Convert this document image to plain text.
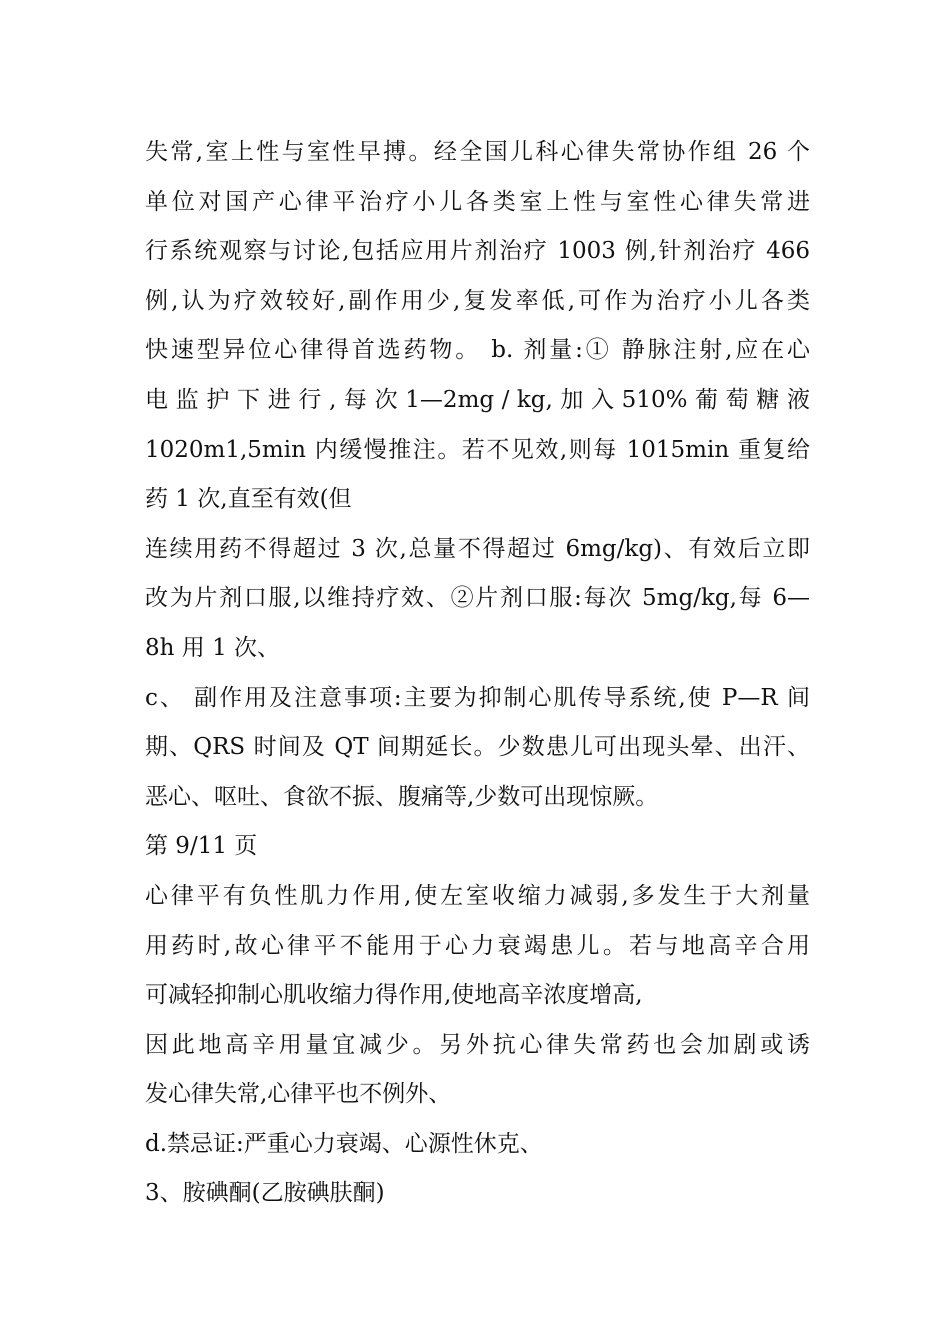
失常,室上性与室性早搏。经全国儿科心律失常协作组 26 个
单位对国产心律平治疗小儿各类室上性与室性心律失常进
行系统观察与讨论,包括应用片剂治疗 1003 例,针剂治疗 466
例,认为疗效较好,副作用少,复发率低,可作为治疗小儿各类
快速型异位心律得首选药物。 b. 剂量:① 静脉注射,应在心
电 监 护 下 进 行 , 每 次 1—2mg / kg, 加 入 510% 葡 萄 糖 液
1020m1,5min 内缓慢推注。若不见效,则每 1015min 重复给
药 1 次,直至有效(但
连续用药不得超过 3 次,总量不得超过 6mg/kg)、有效后立即
改为片剂口服,以维持疗效、②片剂口服:每次 5mg/kg,每 6—
8h 用 1 次、
c、 副作用及注意事项:主要为抑制心肌传导系统,使 P—R 间
期、QRS 时间及 QT 间期延长。少数患儿可出现头晕、出汗、
恶心、呕吐、食欲不振、腹痛等,少数可出现惊厥。
第 9/11 页
心律平有负性肌力作用,使左室收缩力减弱,多发生于大剂量
用药时,故心律平不能用于心力衰竭患儿。若与地高辛合用
可减轻抑制心肌收缩力得作用,使地高辛浓度增高,
因此地高辛用量宜减少。另外抗心律失常药也会加剧或诱
发心律失常,心律平也不例外、
d.禁忌证:严重心力衰竭、心源性休克、
3、胺碘酮(乙胺碘肤酮)
